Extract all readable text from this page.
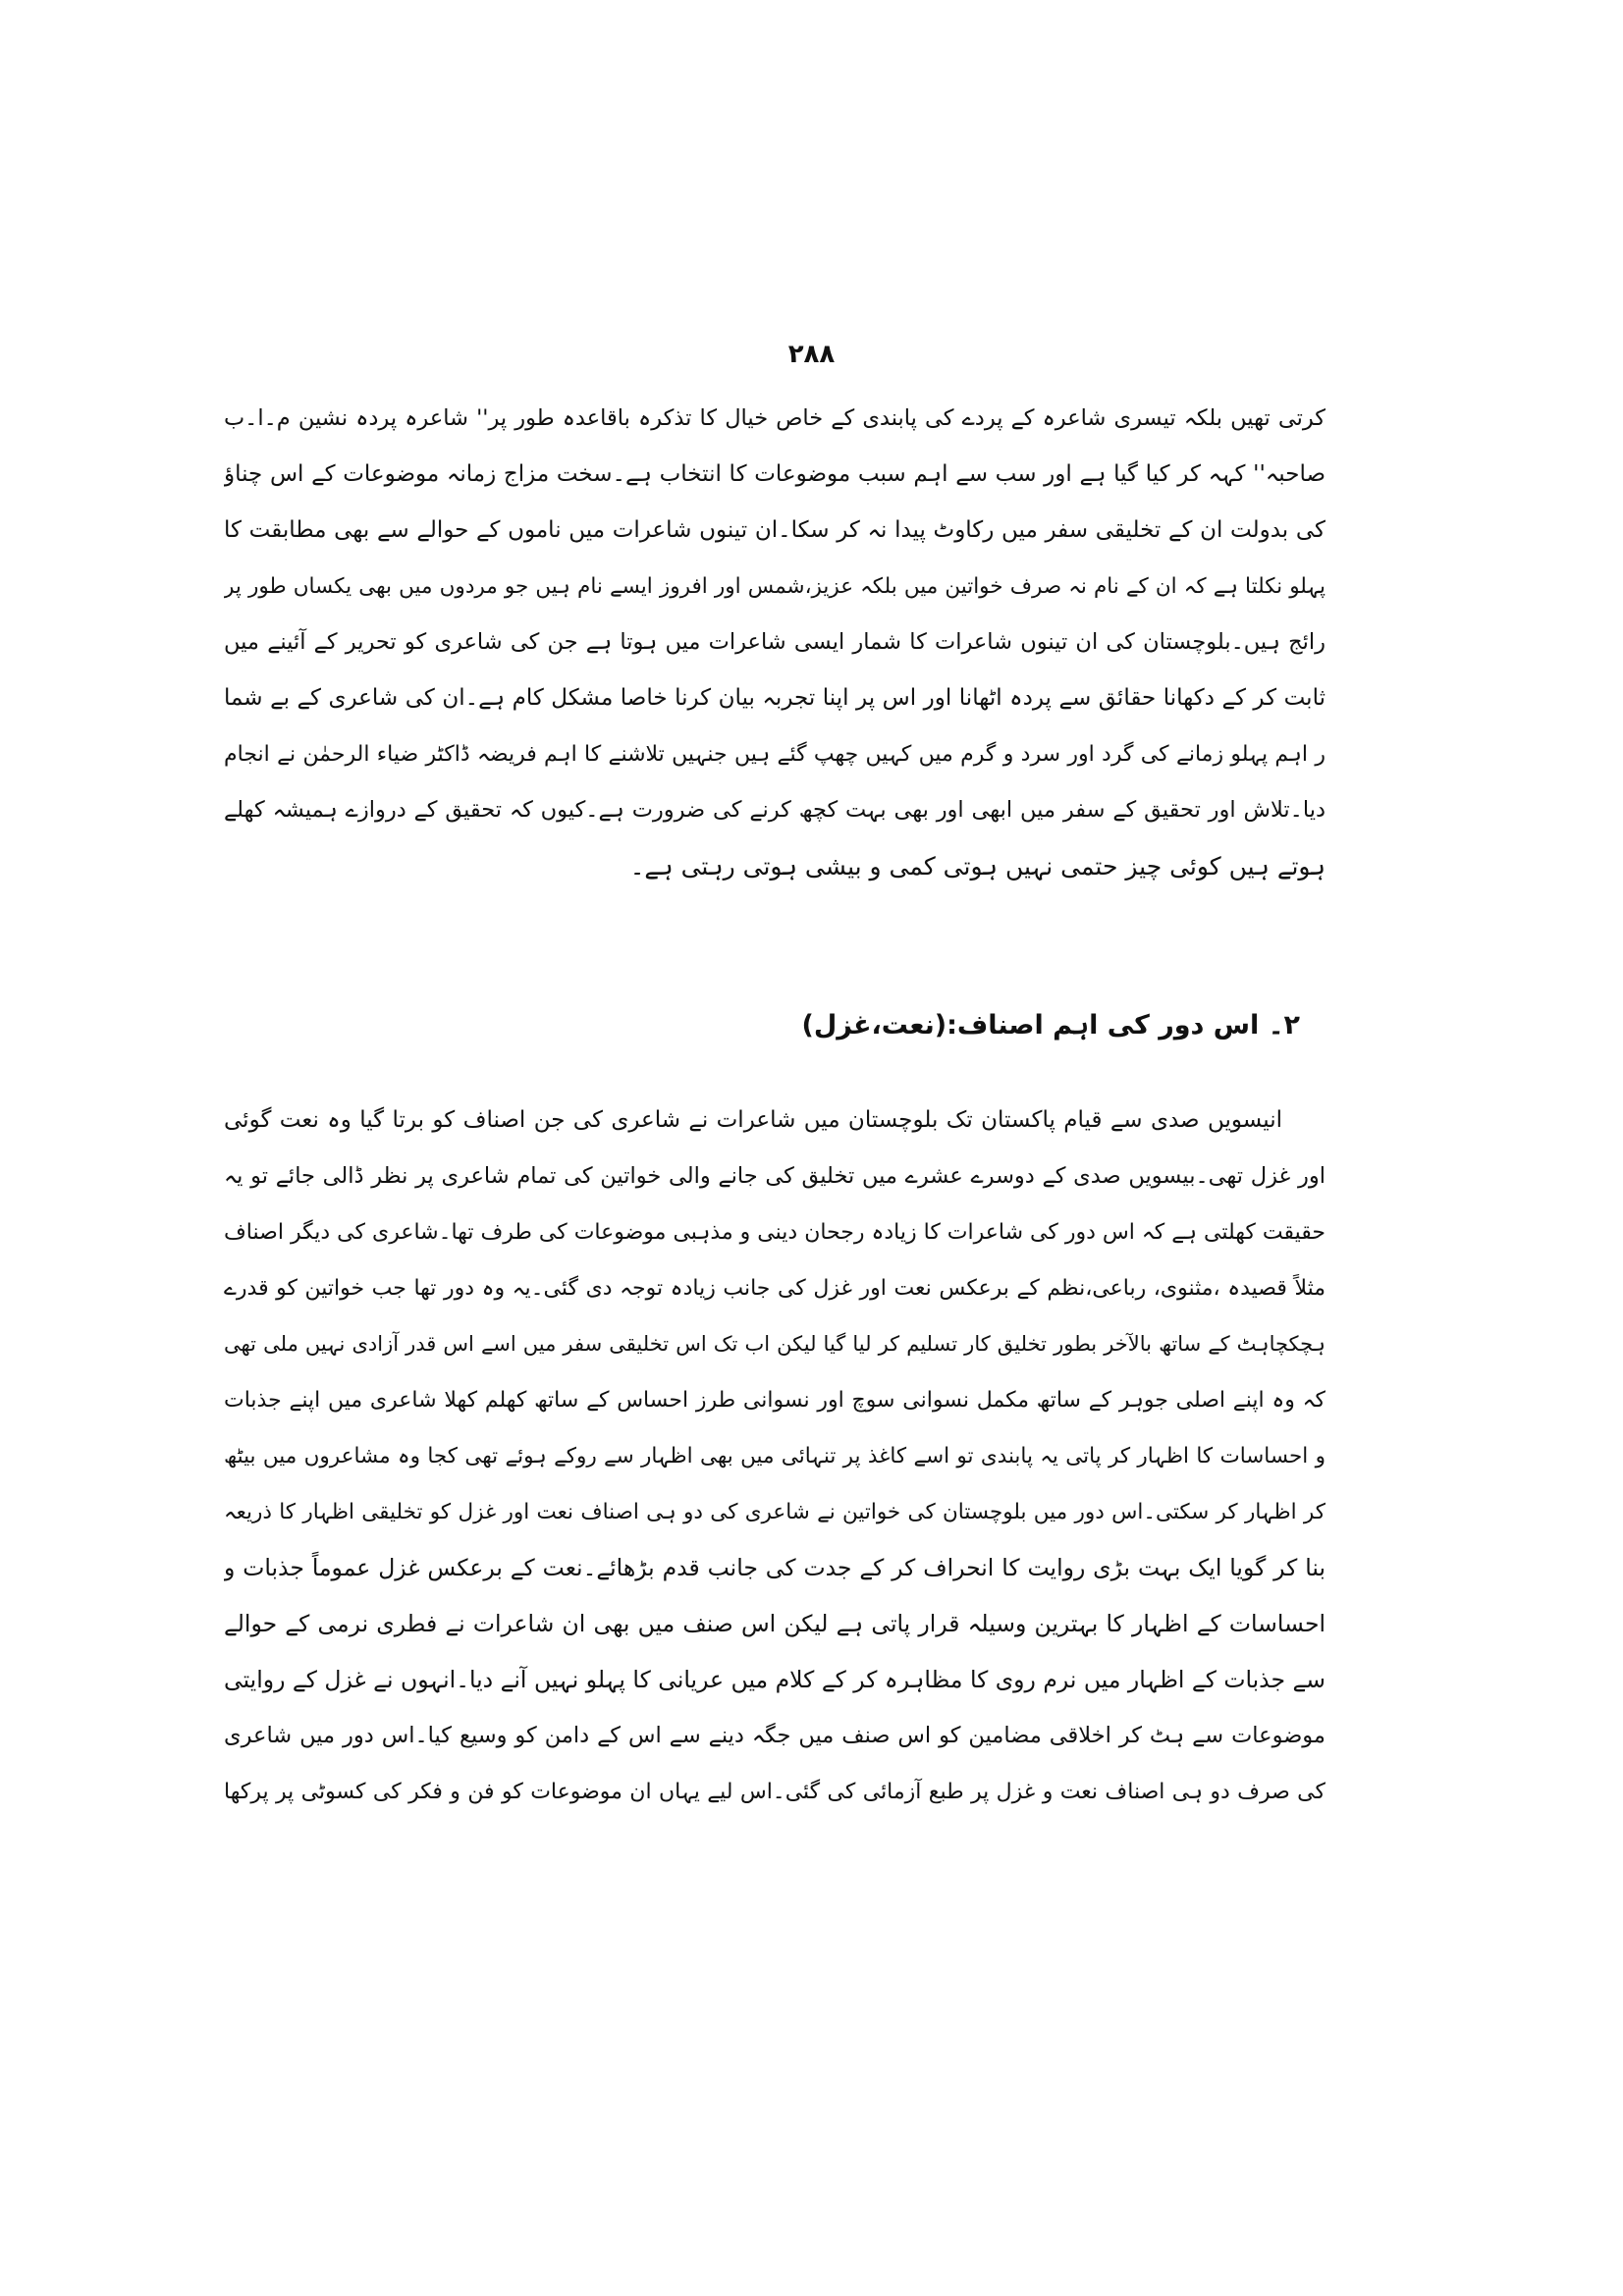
۲۸۸
کرتی تھیں بلکہ تیسری شاعرہ کے پردے کی پابندی کے خاص خیال کا تذکرہ باقاعدہ طور پر'' شاعرہ پردہ نشین م۔ا۔ب
صاحبہ'' کہہ کر کیا گیا ہے اور سب سے اہم سبب موضوعات کا انتخاب ہے۔سخت مزاج زمانہ موضوعات کے اس چناؤ
کی بدولت ان کے تخلیقی سفر میں رکاوٹ پیدا نہ کر سکا۔ان تینوں شاعرات میں ناموں کے حوالے سے بھی مطابقت کا
پہلو نکلتا ہے کہ ان کے نام نہ صرف خواتین میں بلکہ عزیز،شمس اور افروز ایسے نام ہیں جو مردوں میں بھی یکساں طور پر
رائج ہیں۔بلوچستان کی ان تینوں شاعرات کا شمار ایسی شاعرات میں ہوتا ہے جن کی شاعری کو تحریر کے آئینے میں
ثابت کر کے دکھانا حقائق سے پردہ اٹھانا اور اس پر اپنا تجربہ بیان کرنا خاصا مشکل کام ہے۔ان کی شاعری کے بے شما
ر اہم پہلو زمانے کی گرد اور سرد و گرم میں کہیں چھپ گئے ہیں جنہیں تلاشنے کا اہم فریضہ ڈاکٹر ضیاء الرحمٰن نے انجام
دیا۔تلاش اور تحقیق کے سفر میں ابھی اور بھی بہت کچھ کرنے کی ضرورت ہے۔کیوں کہ تحقیق کے دروازے ہمیشہ کھلے
ہوتے ہیں کوئی چیز حتمی نہیں ہوتی کمی و بیشی ہوتی رہتی ہے۔
۲۔ اس دور کی اہم اصناف:(نعت،غزل)
انیسویں صدی سے قیام پاکستان تک بلوچستان میں شاعرات نے شاعری کی جن اصناف کو برتا گیا وہ نعت گوئی
اور غزل تھی۔بیسویں صدی کے دوسرے عشرے میں تخلیق کی جانے والی خواتین کی تمام شاعری پر نظر ڈالی جائے تو یہ
حقیقت کھلتی ہے کہ اس دور کی شاعرات کا زیادہ رجحان دینی و مذہبی موضوعات کی طرف تھا۔شاعری کی دیگر اصناف
مثلاً قصیدہ ،مثنوی، رباعی،نظم کے برعکس نعت اور غزل کی جانب زیادہ توجہ دی گئی۔یہ وہ دور تھا جب خواتین کو قدرے
ہچکچاہٹ کے ساتھ بالآخر بطور تخلیق کار تسلیم کر لیا گیا لیکن اب تک اس تخلیقی سفر میں اسے اس قدر آزادی نہیں ملی تھی
کہ وہ اپنے اصلی جوہر کے ساتھ مکمل نسوانی سوچ اور نسوانی طرز احساس کے ساتھ کھلم کھلا شاعری میں اپنے جذبات
و احساسات کا اظہار کر پاتی یہ پابندی تو اسے کاغذ پر تنہائی میں بھی اظہار سے روکے ہوئے تھی کجا وہ مشاعروں میں بیٹھ
کر اظہار کر سکتی۔اس دور میں بلوچستان کی خواتین نے شاعری کی دو ہی اصناف نعت اور غزل کو تخلیقی اظہار کا ذریعہ
بنا کر گویا ایک بہت بڑی روایت کا انحراف کر کے جدت کی جانب قدم بڑھائے۔نعت کے برعکس غزل عموماً جذبات و
احساسات کے اظہار کا بہترین وسیلہ قرار پاتی ہے لیکن اس صنف میں بھی ان شاعرات نے فطری نرمی کے حوالے
سے جذبات کے اظہار میں نرم روی کا مظاہرہ کر کے کلام میں عریانی کا پہلو نہیں آنے دیا۔انہوں نے غزل کے روایتی
موضوعات سے ہٹ کر اخلاقی مضامین کو اس صنف میں جگہ دینے سے اس کے دامن کو وسیع کیا۔اس دور میں شاعری
کی صرف دو ہی اصناف نعت و غزل پر طبع آزمائی کی گئی۔اس لیے یہاں ان موضوعات کو فن و فکر کی کسوٹی پر پرکھا
